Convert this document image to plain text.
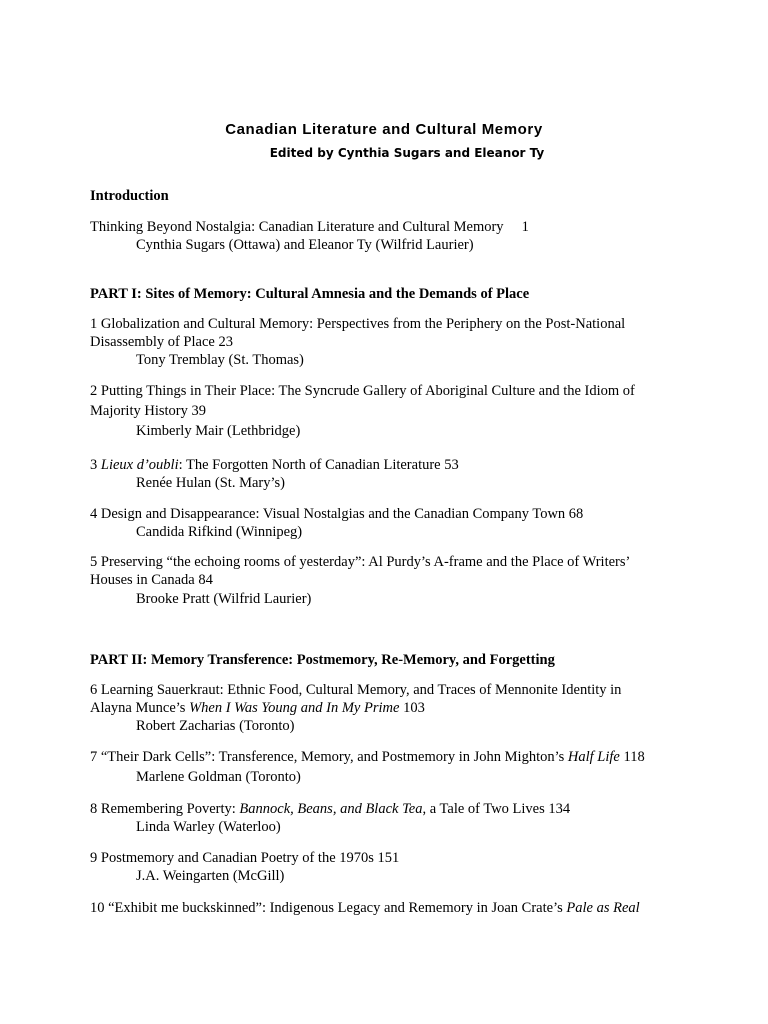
Canadian Literature and Cultural Memory
Edited by Cynthia Sugars and Eleanor Ty
Introduction
Thinking Beyond Nostalgia: Canadian Literature and Cultural Memory 1
Cynthia Sugars (Ottawa) and Eleanor Ty (Wilfrid Laurier)
PART I: Sites of Memory: Cultural Amnesia and the Demands of Place
1 Globalization and Cultural Memory: Perspectives from the Periphery on the Post-National
Disassembly of Place 23
Tony Tremblay (St. Thomas)
2 Putting Things in Their Place: The Syncrude Gallery of Aboriginal Culture and the Idiom of
Majority History 39
Kimberly Mair (Lethbridge)
3 Lieux d’oubli: The Forgotten North of Canadian Literature 53
Renée Hulan (St. Mary’s)
4 Design and Disappearance: Visual Nostalgias and the Canadian Company Town 68
Candida Rifkind (Winnipeg)
5 Preserving “the echoing rooms of yesterday”: Al Purdy’s A-frame and the Place of Writers’
Houses in Canada 84
Brooke Pratt (Wilfrid Laurier)
PART II: Memory Transference: Postmemory, Re-Memory, and Forgetting
6 Learning Sauerkraut: Ethnic Food, Cultural Memory, and Traces of Mennonite Identity in
Alayna Munce’s When I Was Young and In My Prime 103
Robert Zacharias (Toronto)
7 “Their Dark Cells”: Transference, Memory, and Postmemory in John Mighton’s Half Life 118
Marlene Goldman (Toronto)
8 Remembering Poverty: Bannock, Beans, and Black Tea, a Tale of Two Lives 134
Linda Warley (Waterloo)
9 Postmemory and Canadian Poetry of the 1970s 151
J.A. Weingarten (McGill)
10 “Exhibit me buckskinned”: Indigenous Legacy and Rememory in Joan Crate’s Pale as Real
